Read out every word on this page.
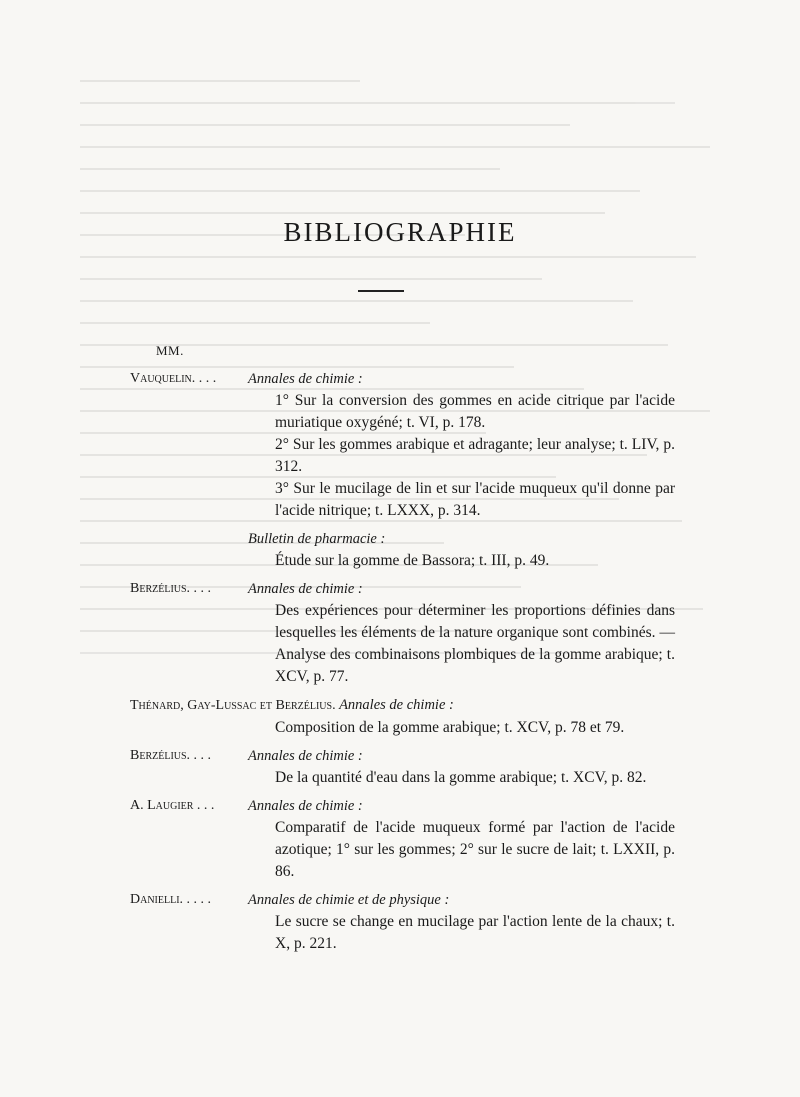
BIBLIOGRAPHIE
MM.
Vauquelin. . . .	Annales de chimie :

1° Sur la conversion des gommes en acide citrique par l'acide muriatique oxygéné; t. VI, p. 178.

2° Sur les gommes arabique et adragante; leur analyse; t. LIV, p. 312.

3° Sur le mucilage de lin et sur l'acide muqueux qu'il donne par l'acide nitrique; t. LXXX, p. 314.

Bulletin de pharmacie :

Étude sur la gomme de Bassora; t. III, p. 49.

Berzélius. . . .	Annales de chimie :

Des expériences pour déterminer les proportions définies dans lesquelles les éléments de la nature organique sont combinés. — Analyse des combinaisons plombiques de la gomme arabique; t. XCV, p. 77.

Thénard, Gay-Lussac et Berzélius. Annales de chimie :

Composition de la gomme arabique; t. XCV, p. 78 et 79.

Berzélius. . . .	Annales de chimie :

De la quantité d'eau dans la gomme arabique; t. XCV, p. 82.

A. Laugier . . .	Annales de chimie :

Comparatif de l'acide muqueux formé par l'action de l'acide azotique; 1° sur les gommes; 2° sur le sucre de lait; t. LXXII, p. 86.

Danielli. . . . .	Annales de chimie et de physique :

Le sucre se change en mucilage par l'action lente de la chaux; t. X, p. 221.
